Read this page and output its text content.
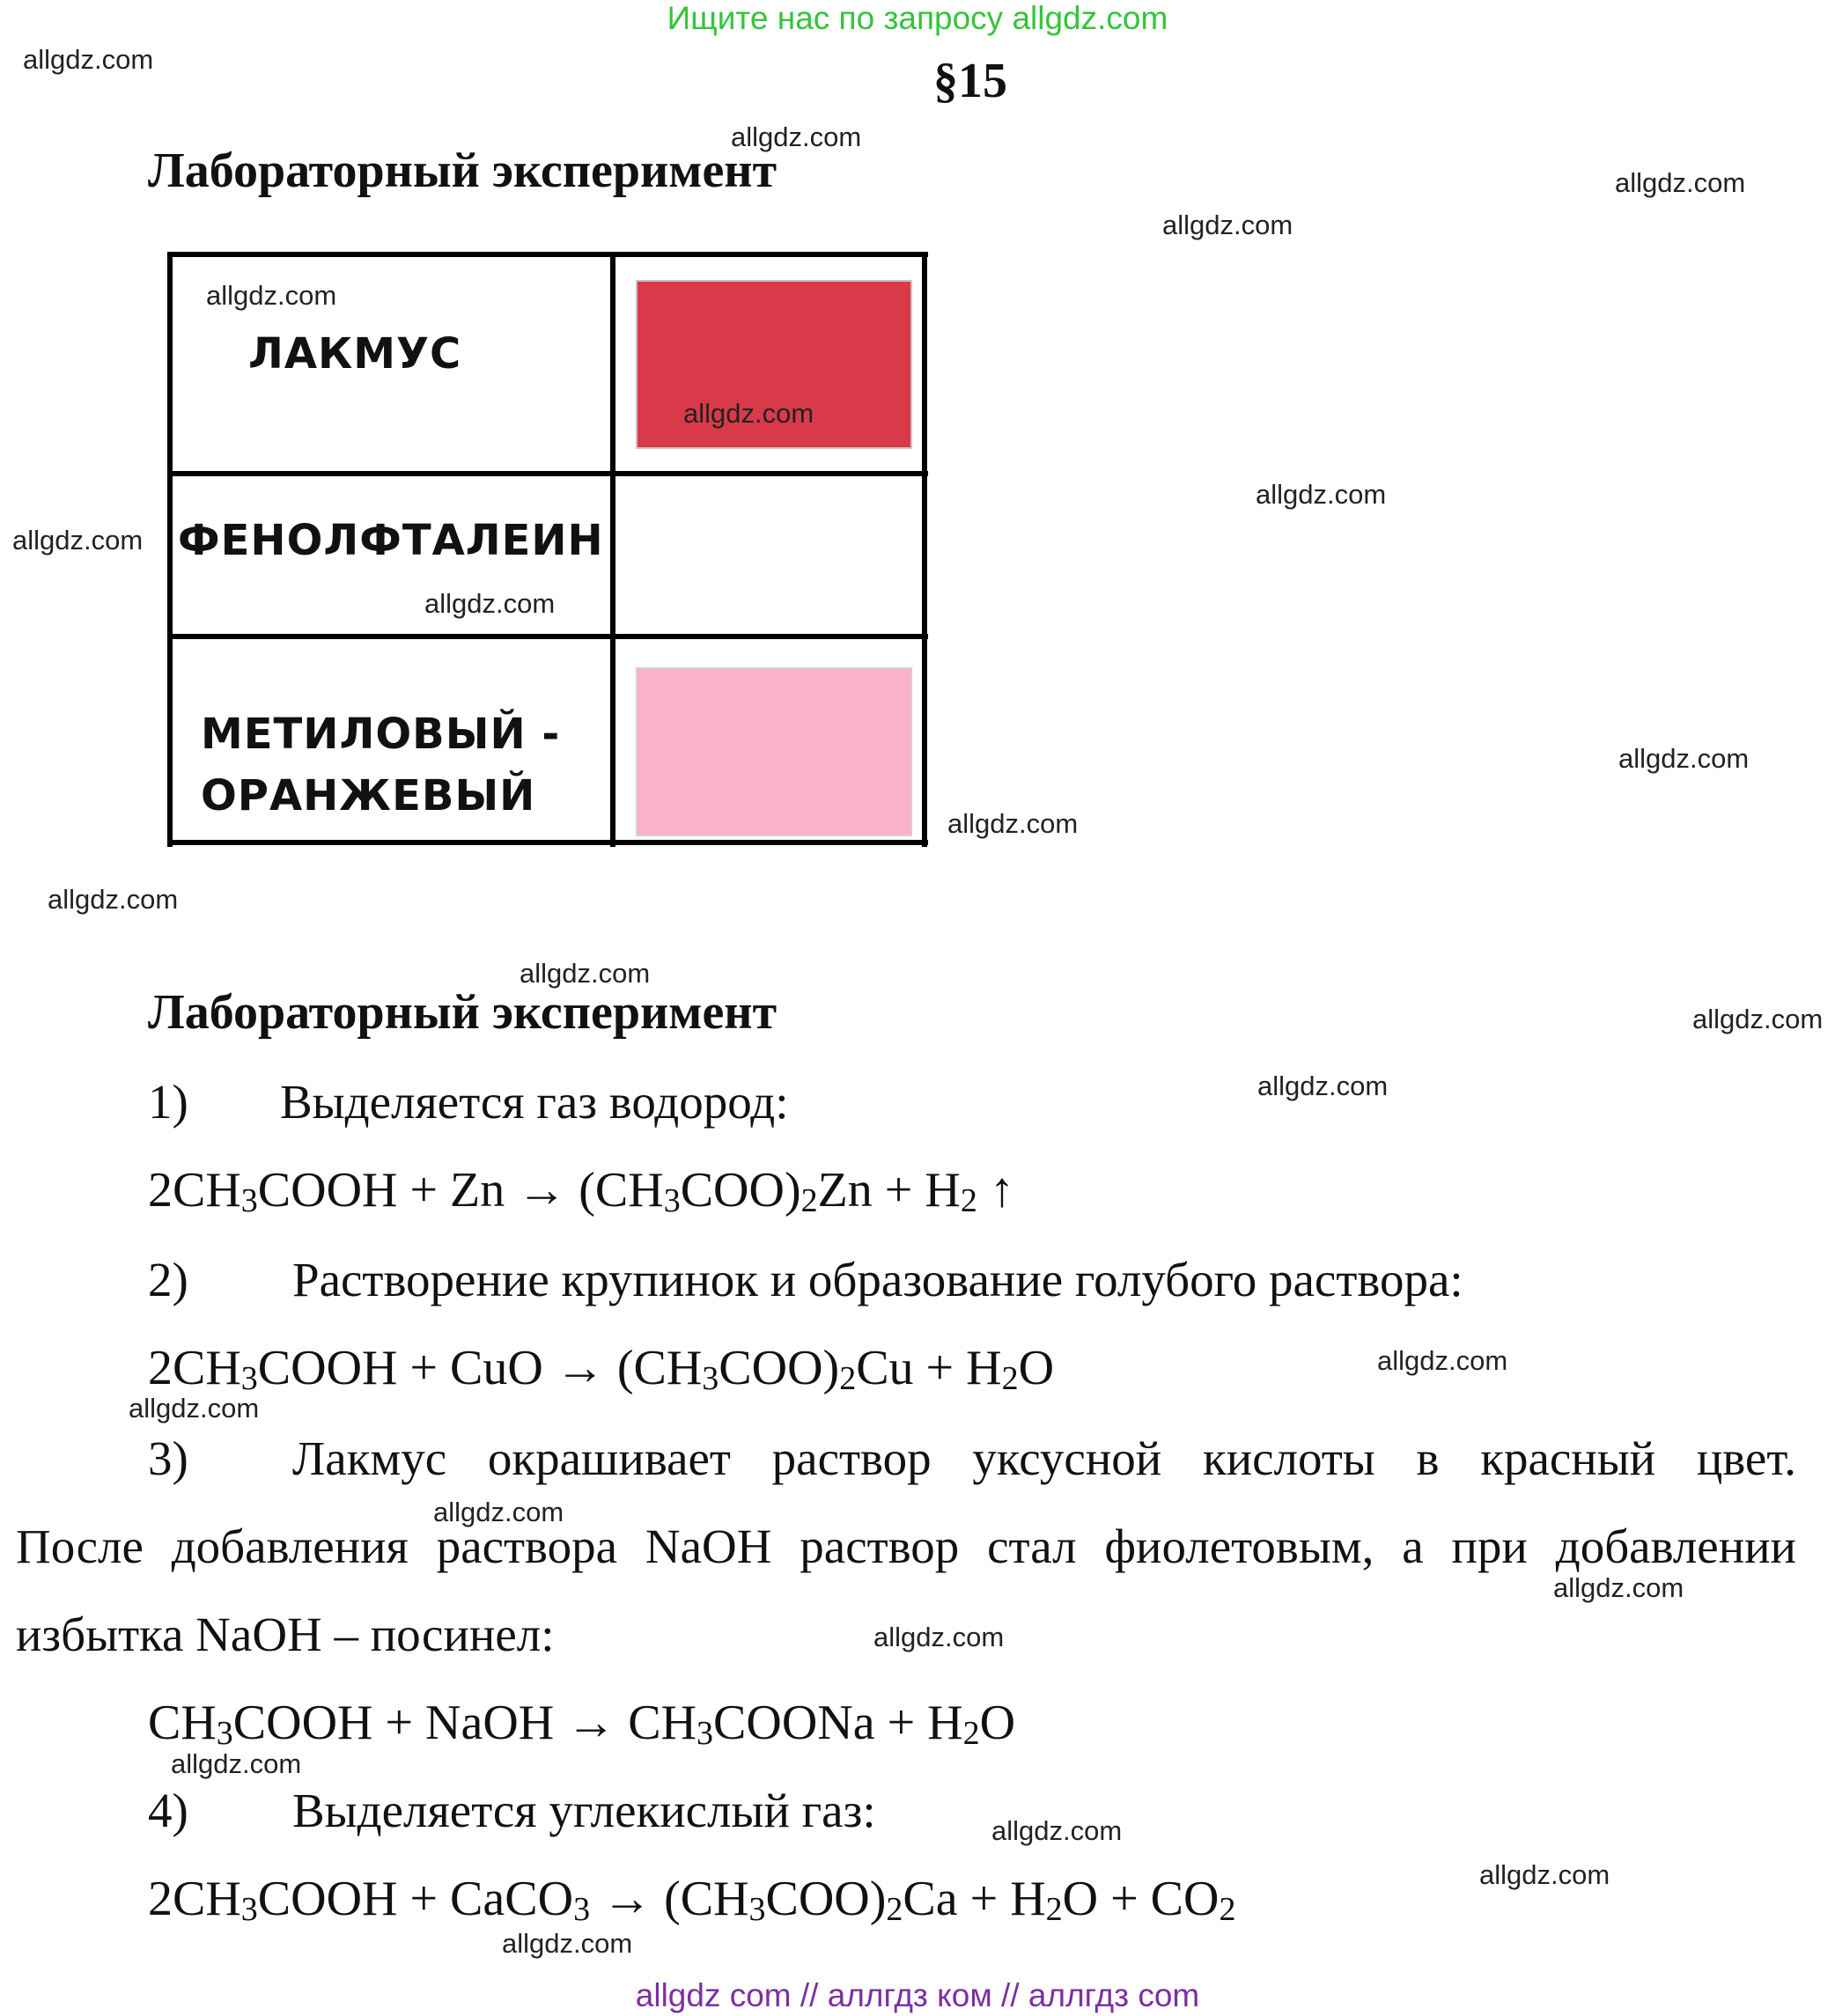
Ищите нас по запросу allgdz.com
allgdz com // аллгдз ком // аллгдз com
§15
Лабораторный эксперимент
ЛАКМУС
ФЕНОЛФТАЛЕИН
МЕТИЛОВЫЙ -
ОРАНЖЕВЫЙ
Лабораторный эксперимент
1) Выделяется газ водород:
$2CH_3COOH + Zn \to (CH_3COO)_2Zn + H_2$ ↑
2) Растворение крупинок и образование голубого раствора:
$2CH_3COOH$ + CuO → $(CH_3COO)_2Cu + H_2O$
3) Лакмус окрашивает раствор уксусной кислоты в красный цвет.
После добавления раствора NaOH раствор стал фиолетовым, а при добавлении
избытка NaOH – посинел:
$CH_3COOH$ + NaOH → $CH_3COONa + H_2O$
4) Выделяется углекислый газ:
$2CH_3COOH$ + CaCO$_3$ → $(CH_3COO)_2Ca + H_2O + CO_2$
allgdz.com
allgdz.com
allgdz.com
allgdz.com
allgdz.com
allgdz.com
allgdz.com
allgdz.com
allgdz.com
allgdz.com
allgdz.com
allgdz.com
allgdz.com
allgdz.com
allgdz.com
allgdz.com
allgdz.com
allgdz.com
allgdz.com
allgdz.com
allgdz.com
allgdz.com
allgdz.com
allgdz.com
